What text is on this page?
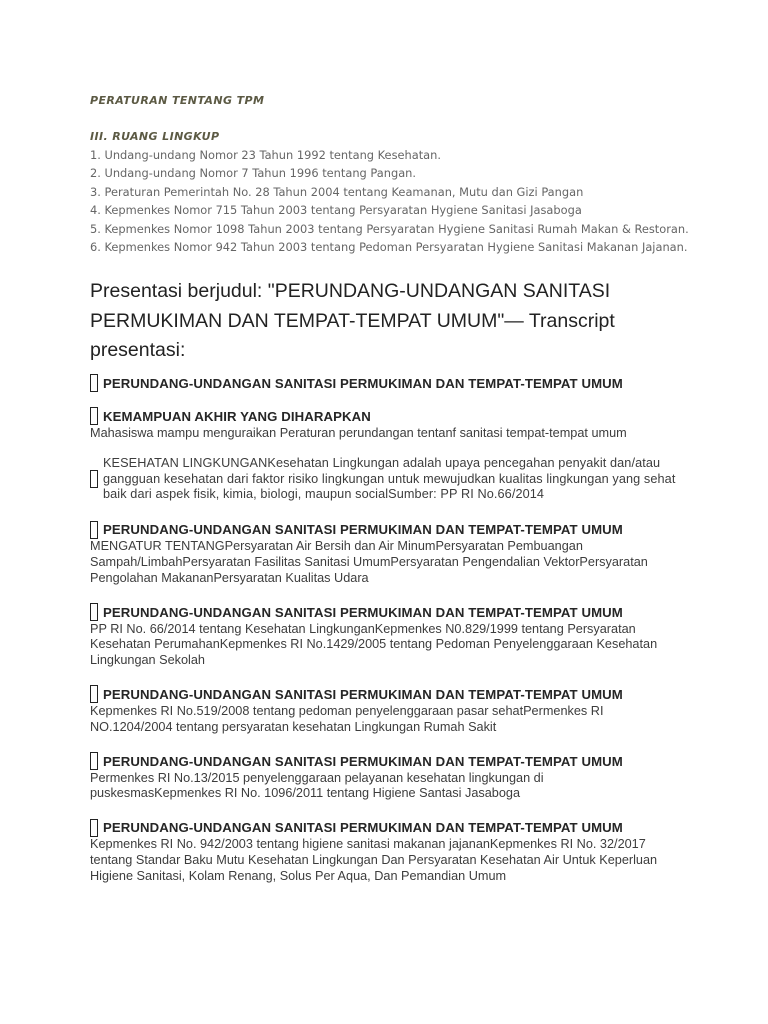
PERATURAN TENTANG TPM

III. RUANG LINGKUP

1. Undang-undang Nomor 23 Tahun 1992 tentang Kesehatan.
2. Undang-undang Nomor 7 Tahun 1996 tentang Pangan.
3. Peraturan Pemerintah No. 28 Tahun 2004 tentang Keamanan, Mutu dan Gizi Pangan
4. Kepmenkes Nomor 715 Tahun 2003 tentang Persyaratan Hygiene Sanitasi Jasaboga
5. Kepmenkes Nomor 1098 Tahun 2003 tentang Persyaratan Hygiene Sanitasi Rumah Makan & Restoran.
6. Kepmenkes Nomor 942 Tahun 2003 tentang Pedoman Persyaratan Hygiene Sanitasi Makanan Jajanan.
Presentasi berjudul: "PERUNDANG-UNDANGAN SANITASI PERMUKIMAN DAN TEMPAT-TEMPAT UMUM"— Transcript presentasi:
PERUNDANG-UNDANGAN SANITASI PERMUKIMAN DAN TEMPAT-TEMPAT UMUM
KEMAMPUAN AKHIR YANG DIHARAPKAN

Mahasiswa mampu menguraikan Peraturan perundangan tentanf sanitasi tempat-tempat umum

KESEHATAN LINGKUNGANKesehatan Lingkungan adalah upaya pencegahan penyakit dan/atau gangguan kesehatan dari faktor risiko lingkungan untuk mewujudkan kualitas lingkungan yang sehat baik dari aspek fisik, kimia, biologi, maupun socialSumber: PP RI No.66/2014
PERUNDANG-UNDANGAN SANITASI PERMUKIMAN DAN TEMPAT-TEMPAT UMUM

MENGATUR TENTANGPersyaratan Air Bersih dan Air MinumPersyaratan Pembuangan Sampah/LimbahPersyaratan Fasilitas Sanitasi UmumPersyaratan Pengendalian VektorPersyaratan Pengolahan MakananPersyaratan Kualitas Udara

PERUNDANG-UNDANGAN SANITASI PERMUKIMAN DAN TEMPAT-TEMPAT UMUM

PP RI No. 66/2014 tentang Kesehatan LingkunganKepmenkes N0.829/1999 tentang Persyaratan Kesehatan PerumahanKepmenkes RI No.1429/2005 tentang Pedoman Penyelenggaraan Kesehatan Lingkungan Sekolah

PERUNDANG-UNDANGAN SANITASI PERMUKIMAN DAN TEMPAT-TEMPAT UMUM

Kepmenkes RI No.519/2008 tentang pedoman penyelenggaraan pasar sehatPermenkes RI NO.1204/2004 tentang persyaratan kesehatan Lingkungan Rumah Sakit

PERUNDANG-UNDANGAN SANITASI PERMUKIMAN DAN TEMPAT-TEMPAT UMUM

Permenkes RI No.13/2015 penyelenggaraan pelayanan kesehatan lingkungan di puskesmasKepmenkes RI No. 1096/2011 tentang Higiene Santasi Jasaboga

PERUNDANG-UNDANGAN SANITASI PERMUKIMAN DAN TEMPAT-TEMPAT UMUM

Kepmenkes RI No. 942/2003 tentang higiene sanitasi makanan jajananKepmenkes RI No. 32/2017 tentang Standar Baku Mutu Kesehatan Lingkungan Dan Persyaratan Kesehatan Air Untuk Keperluan Higiene Sanitasi, Kolam Renang, Solus Per Aqua, Dan Pemandian Umum
